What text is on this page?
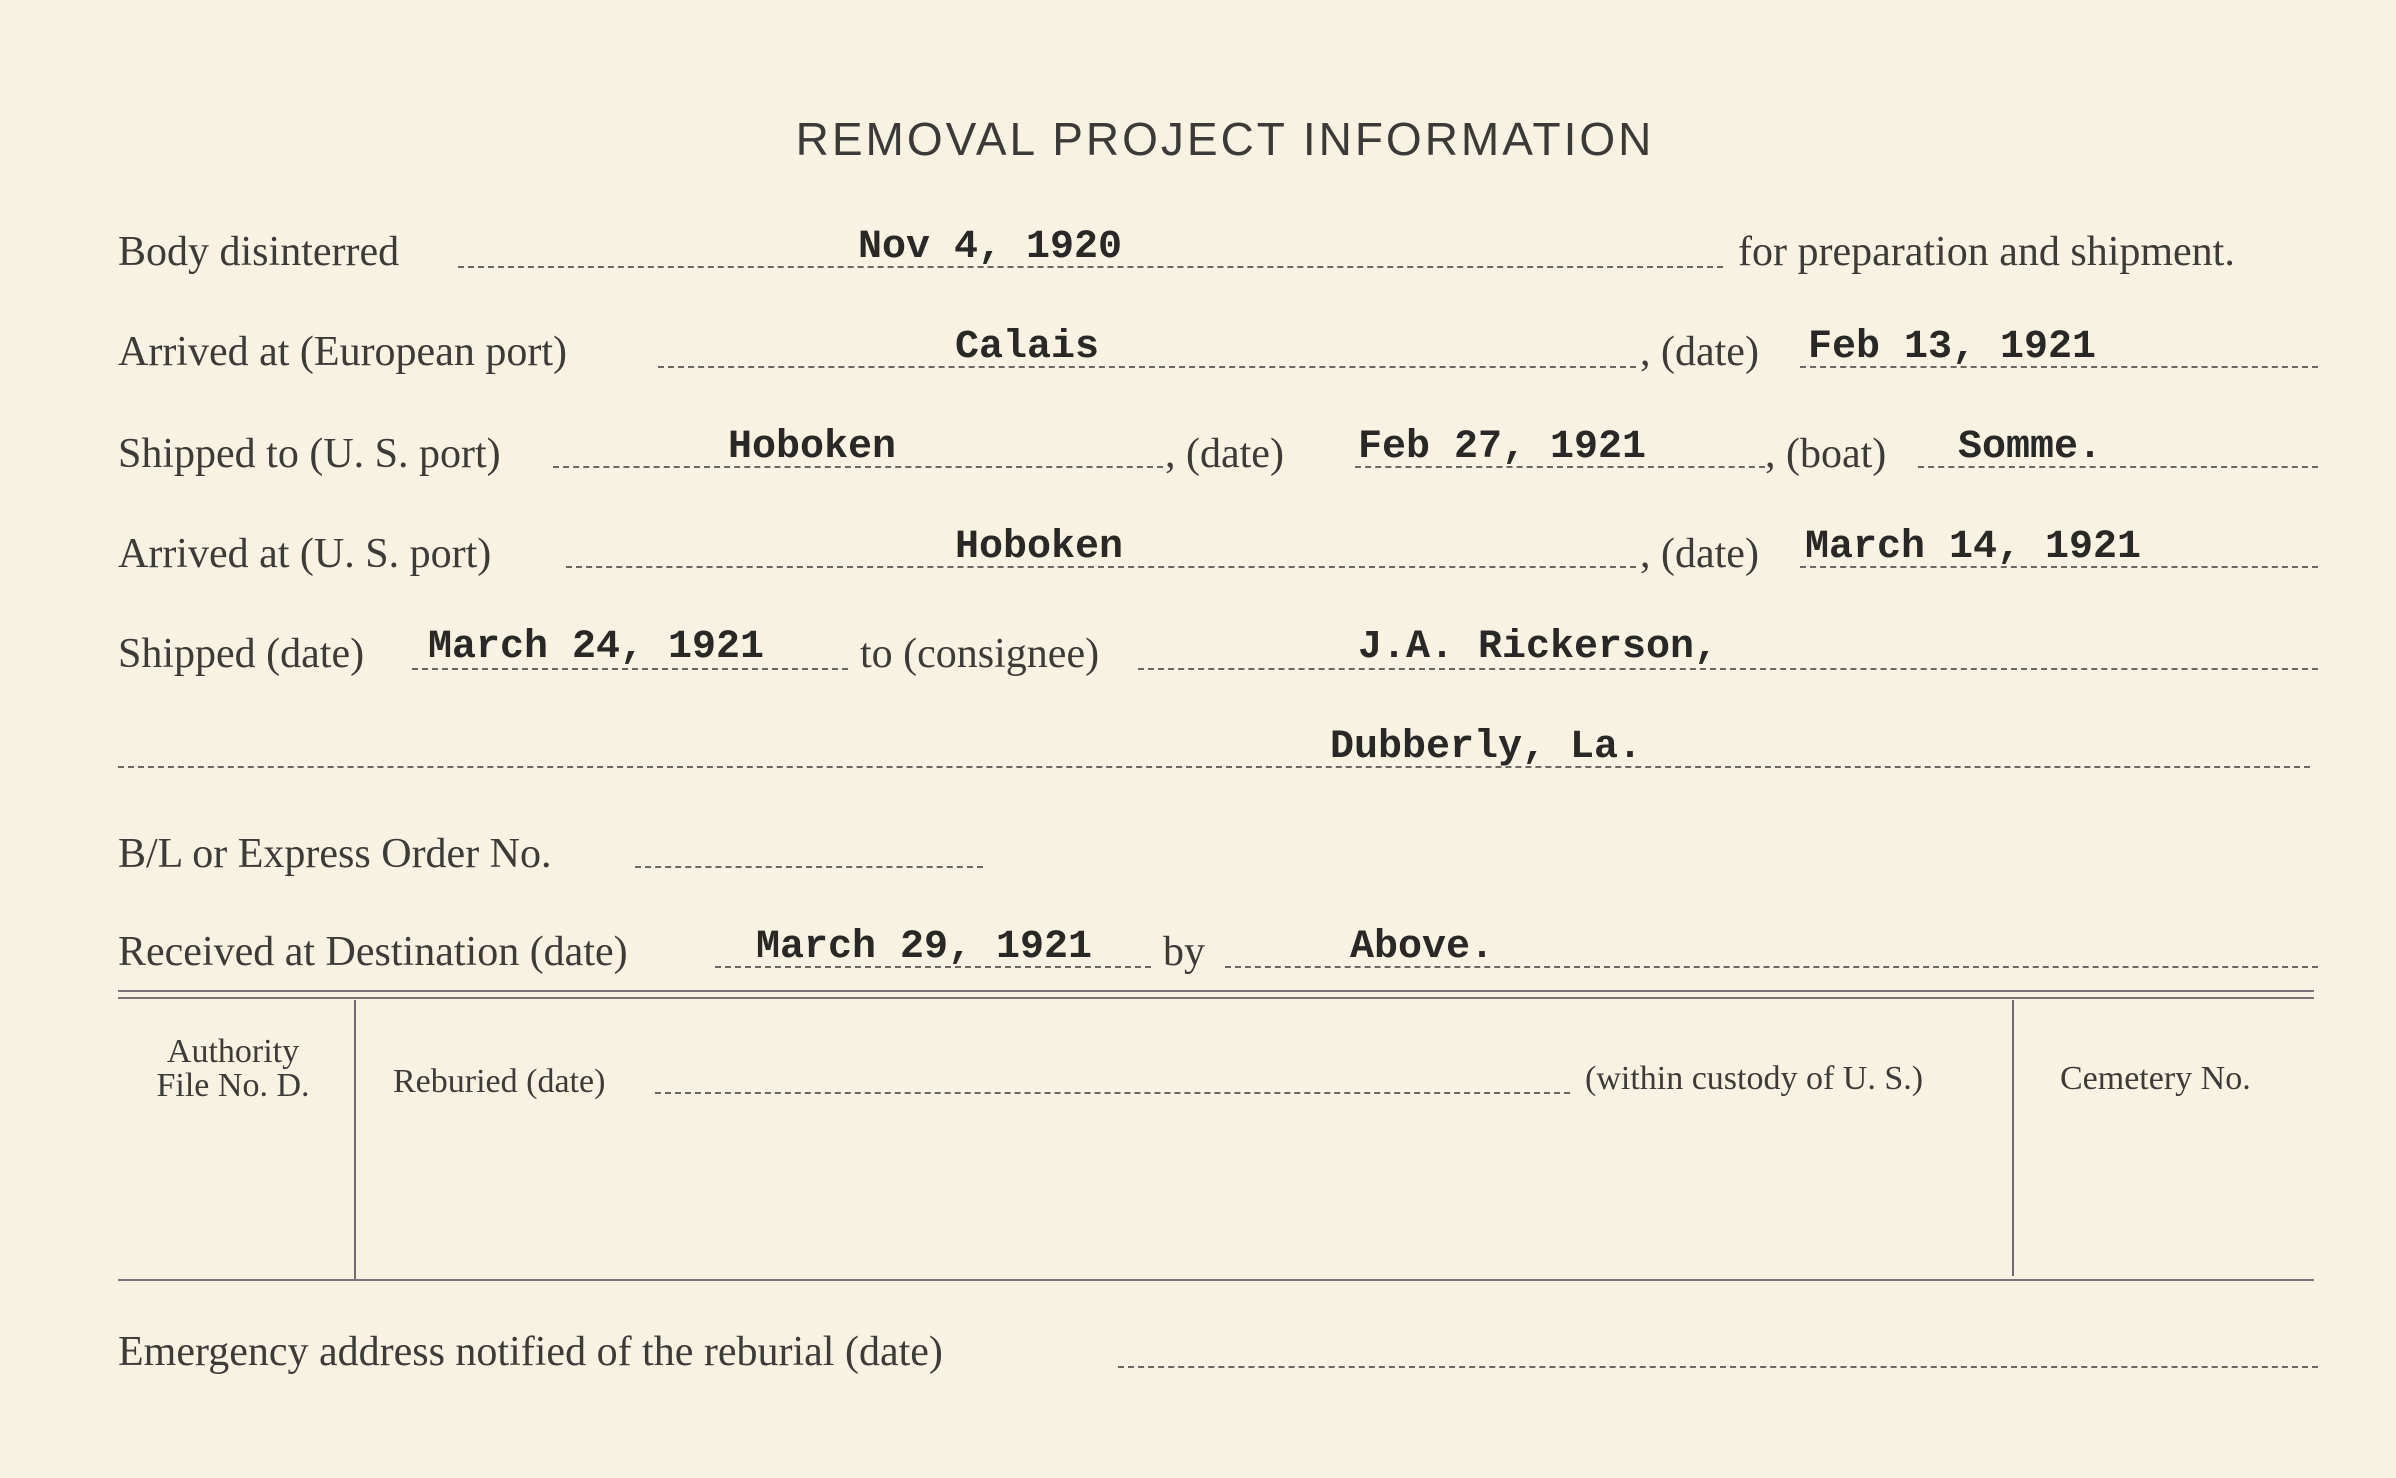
REMOVAL PROJECT INFORMATION
Body disinterred	Nov 4, 1920	for preparation and shipment.
Arrived at (European port)	Calais	, (date) Feb 13, 1921
Shipped to (U. S. port)	Hoboken	, (date) Feb 27, 1921	, (boat) Somme.
Arrived at (U. S. port)	Hoboken	, (date) March 14, 1921
Shipped (date) March 24, 1921 to (consignee)	J.A. Rickerson,
Dubberly, La.
B/L or Express Order No.
Received at Destination (date)	March 29, 1921 by	Above.
Authority
File No. D.	Reburied (date)	(within custody of U. S.)	Cemetery No.
Emergency address notified of the reburial (date)
